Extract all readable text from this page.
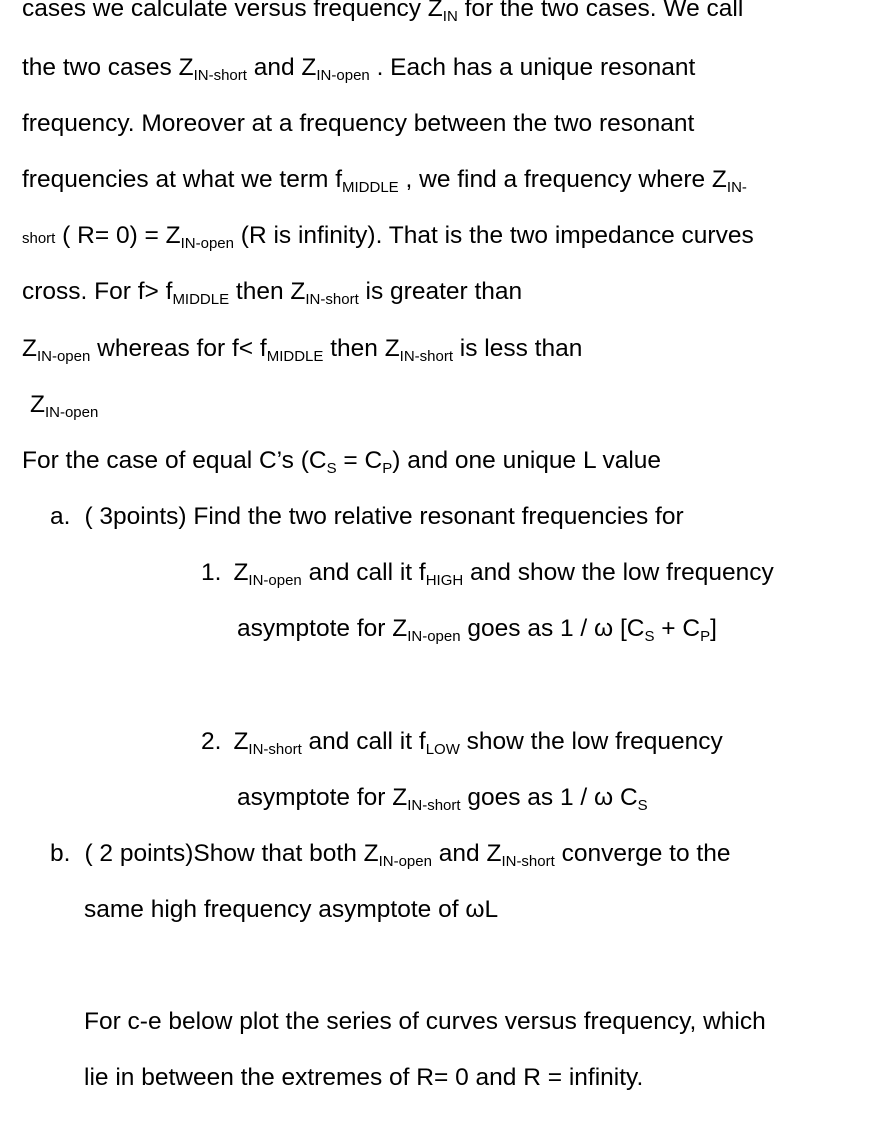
cases we calculate versus frequency $Z_{IN}$ for the two cases. We call
the two cases $Z_{IN-short}$ and $Z_{IN-open}$ . Each has a unique resonant
frequency. Moreover at a frequency between the two resonant
frequencies at what we term $f_{MIDDLE}$ , we find a frequency where $Z_{IN-}$
short ( $R= 0) = Z_{IN-open}$ (R is infinity). That is the two impedance curves
cross. For $f> f_{MIDDLE}$ then $Z_{IN-short}$ is greater than
$Z_{IN-open}$ whereas for $f< f_{MIDDLE}$ then $Z_{IN-short}$ is less than
$Z_{IN-open}$
For the case of equal C’s $(C_S = C_P)$ and one unique L value
a. ( 3points) Find the two relative resonant frequencies for
1. $Z_{IN-open}$ and call it $f_{HIGH}$ and show the low frequency
asymptote for $Z_{IN-open}$ goes as 1 / ω $[C_S + C_P]$
2. $Z_{IN-short}$ and call it $f_{LOW}$ show the low frequency
asymptote for $Z_{IN-short}$ goes as 1 / ω $C_S$
b. ( 2 points)Show that both $Z_{IN-open}$ and $Z_{IN-short}$ converge to the
same high frequency asymptote of ωL
For c-e below plot the series of curves versus frequency, which
lie in between the extremes of R= 0 and R = infinity.
